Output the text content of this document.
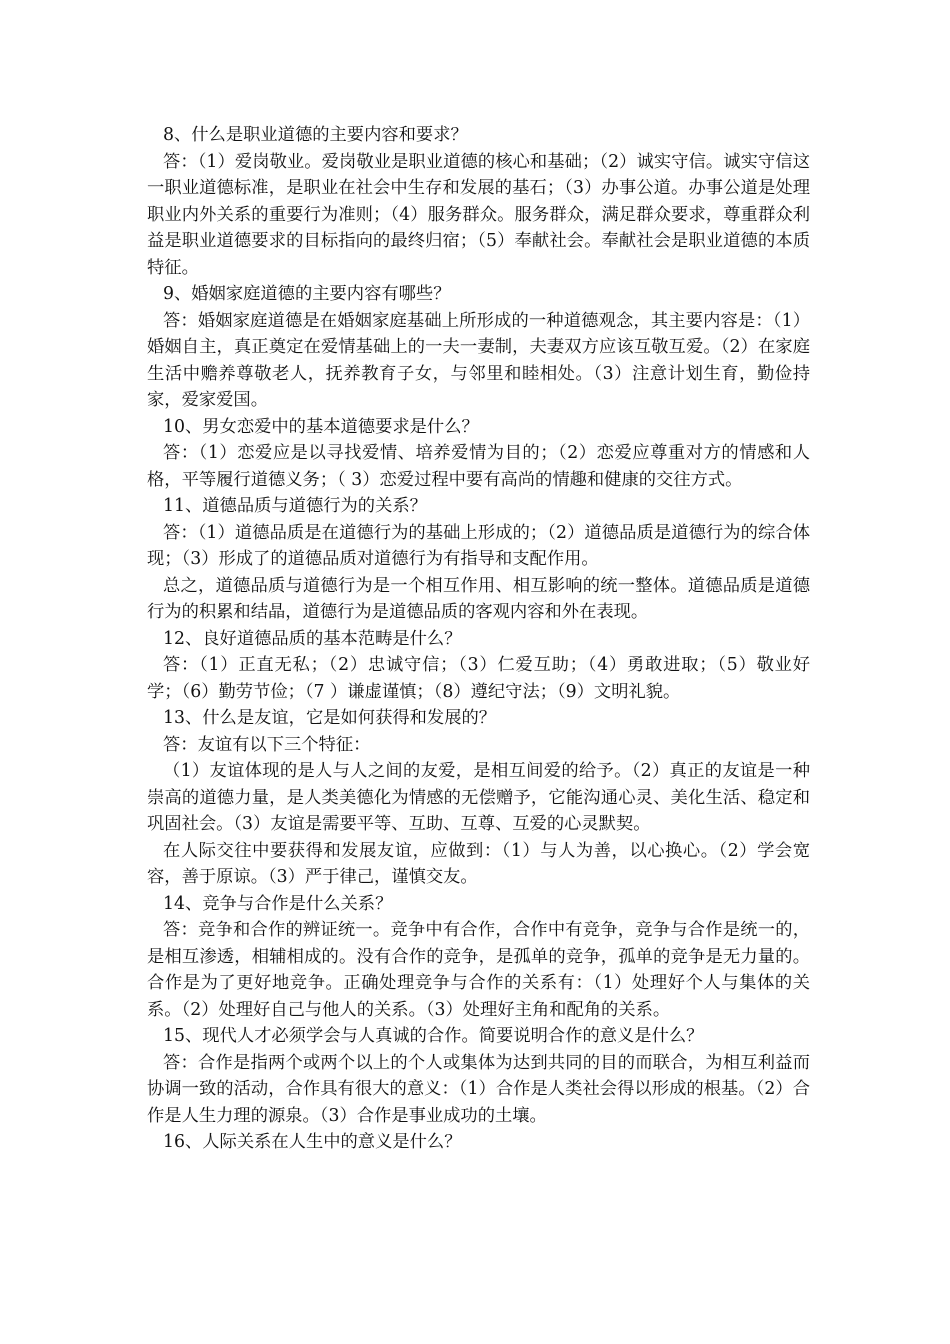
8、什么是职业道德的主要内容和要求？

答：（1）爱岗敬业。爱岗敬业是职业道德的核心和基础；（2）诚实守信。诚实守信这一职业道德标准，是职业在社会中生存和发展的基石；（3）办事公道。办事公道是处理职业内外关系的重要行为准则；（4）服务群众。服务群众，满足群众要求，尊重群众利益是职业道德要求的目标指向的最终归宿；（5）奉献社会。奉献社会是职业道德的本质特征。

9、婚姻家庭道德的主要内容有哪些？

答：婚姻家庭道德是在婚姻家庭基础上所形成的一种道德观念，其主要内容是：（1）婚姻自主，真正奠定在爱情基础上的一夫一妻制，夫妻双方应该互敬互爱。（2）在家庭生活中赡养尊敬老人，抚养教育子女，与邻里和睦相处。（3）注意计划生育，勤俭持家，爱家爱国。

10、男女恋爱中的基本道德要求是什么？

答：（1）恋爱应是以寻找爱情、培养爱情为目的；（2）恋爱应尊重对方的情感和人格，平等履行道德义务；（ 3）恋爱过程中要有高尚的情趣和健康的交往方式。

11、道德品质与道德行为的关系？

答：（1）道德品质是在道德行为的基础上形成的；（2）道德品质是道德行为的综合体现；（3）形成了的道德品质对道德行为有指导和支配作用。

总之，道德品质与道德行为是一个相互作用、相互影响的统一整体。道德品质是道德行为的积累和结晶，道德行为是道德品质的客观内容和外在表现。

12、良好道德品质的基本范畴是什么？

答：（1）正直无私；（2）忠诚守信；（3）仁爱互助；（4）勇敢进取；（5）敬业好学；（6）勤劳节俭；（7 ）谦虚谨慎；（8）遵纪守法；（9）文明礼貌。

13、什么是友谊，它是如何获得和发展的？

答：友谊有以下三个特征：

（1）友谊体现的是人与人之间的友爱，是相互间爱的给予。（2）真正的友谊是一种崇高的道德力量，是人类美德化为情感的无偿赠予，它能沟通心灵、美化生活、稳定和巩固社会。（3）友谊是需要平等、互助、互尊、互爱的心灵默契。

在人际交往中要获得和发展友谊，应做到：（1）与人为善，以心换心。（2）学会宽容，善于原谅。（3）严于律己，谨慎交友。

14、竞争与合作是什么关系？

答：竞争和合作的辨证统一。竞争中有合作，合作中有竞争，竞争与合作是统一的，是相互渗透，相辅相成的。没有合作的竞争，是孤单的竞争，孤单的竞争是无力量的。合作是为了更好地竞争。正确处理竞争与合作的关系有：（1）处理好个人与集体的关系。（2）处理好自己与他人的关系。（3）处理好主角和配角的关系。

15、现代人才必须学会与人真诚的合作。简要说明合作的意义是什么？

答：合作是指两个或两个以上的个人或集体为达到共同的目的而联合，为相互利益而协调一致的活动，合作具有很大的意义：（1）合作是人类社会得以形成的根基。（2）合作是人生力理的源泉。（3）合作是事业成功的土壤。

16、人际关系在人生中的意义是什么？
